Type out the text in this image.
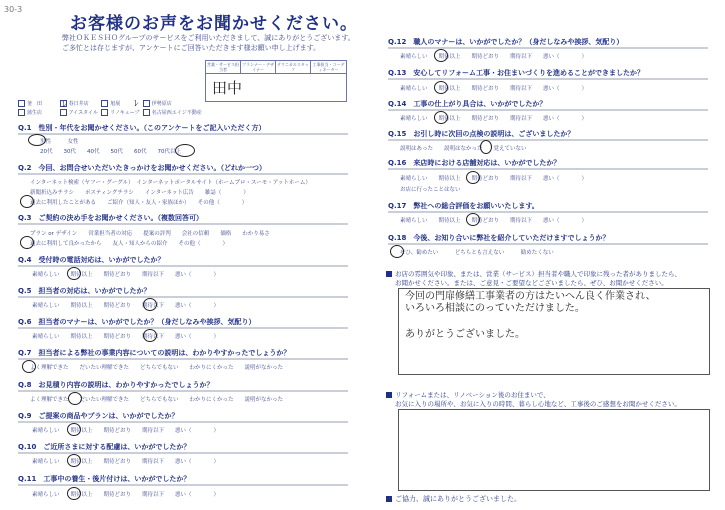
30-3
お客様のお声をお聞かせください。
弊社ＯＫＥＳＨＯグループのサービスをご利用いただきまして、誠にありがとうございます。
ご多忙とは存じますが、アンケートにご回答いただきます様お願い申し上げます。
営業・サービス担当者
プランナー・デザイナー
テクニカルスタッフ
工事担当・コーディネーター
田中
釜　田	春日井店	旭展	伊勢原店
蒲生店	アイスタイル リノキューブ 名古屋西エイジ不動産
ﾚ	ﾚ
Q.1　性別・年代をお聞かせください。（このアンケートをご記入いただく方）
男性　　　女性
20代　　30代　　40代　　50代　　60代　　70代以上
Q.2　今回、お問合せいただいたきっかけをお聞かせください。（どれか一つ）
インターネット検索（ヤフー・グーグル）　インターネットポータルサイト（ホームプロ・スーモ・アットホーム）
新聞折込みチラシ　　ポスティングチラシ　　インターネット広告　　雑誌（　　　　）
過去に利用したことがある　　ご紹介（知人・友人・家族ほか）　　その他（　　　　）
Q.3　ご契約の決め手をお聞かせください。（複数回答可）
プラン or デザイン　　営業担当者の対応　　提案の評判　　会社の信頼　　価格　　わかり易さ
過去に利用して良かったから　　友人・知人からの紹介　　その他（　　　　）
Q.4　受付時の電話対応は、いかがでしたか？
素晴らしい　　期待以上　　期待どおり　　期待以下　　悪い（　　　　）
Q.5　担当者の対応は、いかがでしたか？
素晴らしい　　期待以上　　期待どおり　　期待以下　　悪い（　　　　）
Q.6　担当者のマナーは、いかがでしたか？（身だしなみや挨拶、気配り）
素晴らしい　　期待以上　　期待どおり　　期待以下　　悪い（　　　　）
Q.7　担当者による弊社の事業内容についての説明は、わかりやすかったでしょうか？
よく理解できた　　だいたい理解できた　　どちらでもない　　わかりにくかった　　説明がなかった
Q.8　お見積り内容の説明は、わかりやすかったでしょうか？
よく理解できた　　だいたい理解できた　　どちらでもない　　わかりにくかった　　説明がなかった
Q.9　ご提案の商品やプランは、いかがでしたか？
素晴らしい　　期待以上　　期待どおり　　期待以下　　悪い（　　　　）
Q.10　ご近所さまに対する配慮は、いかがでしたか？
素晴らしい　　期待以上　　期待どおり　　期待以下　　悪い（　　　　）
Q.11　工事中の養生・後片付けは、いかがでしたか？
素晴らしい　　期待以上　　期待どおり　　期待以下　　悪い（　　　　）
Q.12　職人のマナーは、いかがでしたか？（身だしなみや挨拶、気配り）
素晴らしい　　期待以上　　期待どおり　　期待以下　　悪い（　　　　）
Q.13　安心してリフォーム工事・お住まいづくりを進めることができましたか？
素晴らしい　　期待以上　　期待どおり　　期待以下　　悪い（　　　　）
Q.14　工事の仕上がり具合は、いかがでしたか？
素晴らしい　　期待以上　　期待どおり　　期待以下　　悪い（　　　　）
Q.15　お引し時に次回の点検の説明は、ございましたか？
説明はあった　　説明はなかった　　覚えていない
Q.16　来店時における店舗対応は、いかがでしたか？
素晴らしい　　期待以上　　期待どおり　　期待以下　　悪い（　　　　）
お店に行ったことはない
Q.17　弊社への総合評価をお願いいたします。
素晴らしい　　期待以上　　期待どおり　　期待以下　　悪い（　　　　）
Q.18　今後、お知り合いに弊社を紹介していただけますでしょうか？
ぜひ、勧めたい　　　どちらとも言えない　　　勧めたくない
お店の雰囲気や印象、または、営業（サービス）担当者や職人で印象に残った者がありましたら、
お聞かせください。または、ご意見・ご要望などございましたら、ぜひ、お聞かせください。
今回の門扉修繕工事業者の方はたいへん良く作業され、
いろいろ相談にのっていただけました。
ありがとうございました。
リフォームまたは、リノベーション後のお住まいで、
お気に入りの場所や、お気に入りの時間、暮らし心地など、工事後のご感想をお聞かせください。
ご協力、誠にありがとうございました。
